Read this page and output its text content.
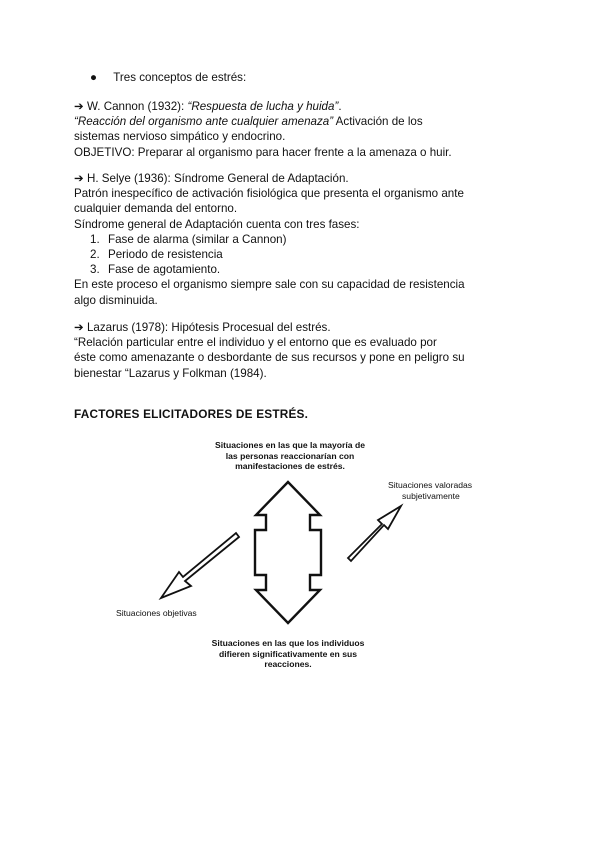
● Tres conceptos de estrés:
➔ W. Cannon (1932): “Respuesta de lucha y huida”.
“Reacción del organismo ante cualquier amenaza” Activación de los
sistemas nervioso simpático y endocrino.
OBJETIVO: Preparar al organismo para hacer frente a la amenaza o huir.
➔ H. Selye (1936): Síndrome General de Adaptación.
Patrón inespecífico de activación fisiológica que presenta el organismo ante
cualquier demanda del entorno.
Síndrome general de Adaptación cuenta con tres fases:
1. Fase de alarma (similar a Cannon)
2. Periodo de resistencia
3. Fase de agotamiento.
En este proceso el organismo siempre sale con su capacidad de resistencia
algo disminuida.
➔ Lazarus (1978): Hipótesis Procesual del estrés.
“Relación particular entre el individuo y el entorno que es evaluado por
éste como amenazante o desbordante de sus recursos y pone en peligro su
bienestar “Lazarus y Folkman (1984).
FACTORES ELICITADORES DE ESTRÉS.
Situaciones en las que la mayoría de
las personas reaccionarían con
manifestaciones de estrés.
Situaciones valoradas
subjetivamente
Situaciones objetivas
Situaciones en las que los individuos
difieren significativamente en sus
reacciones.
